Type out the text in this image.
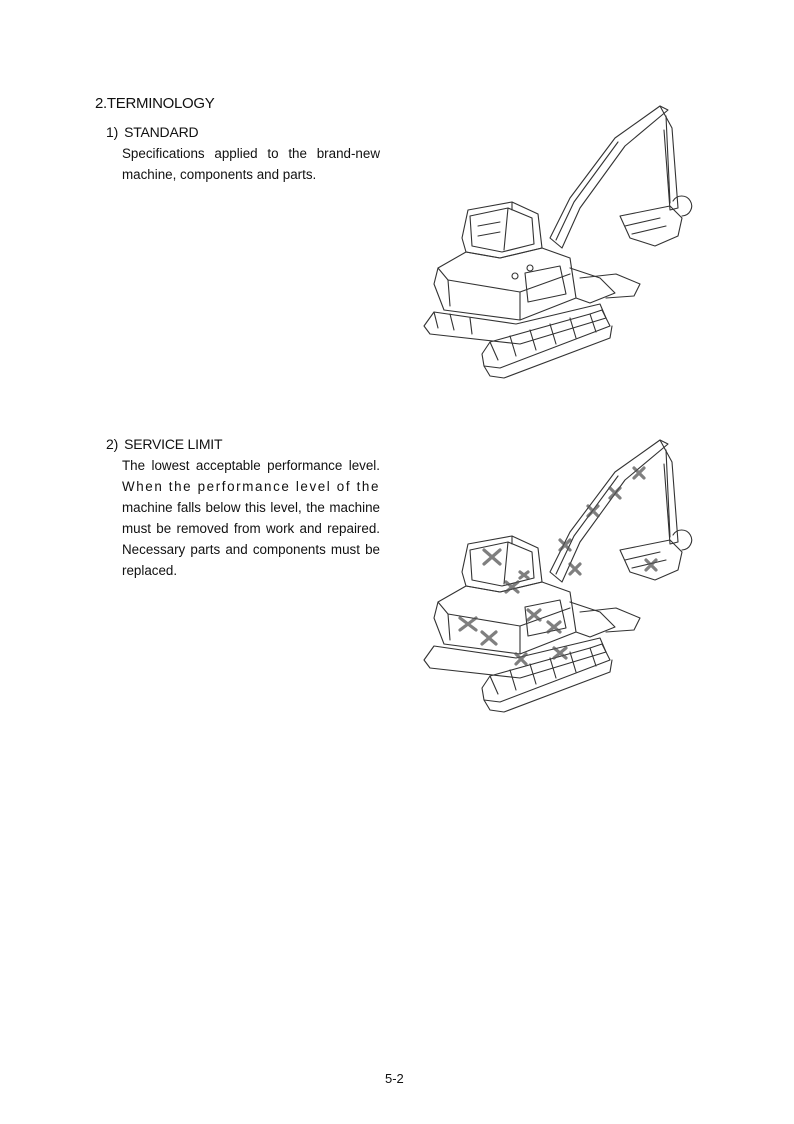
2.TERMINOLOGY
1) STANDARD
Specifications applied to the brand-new
machine, components and parts.
2) SERVICE LIMIT
The lowest acceptable performance level.
When the performance level of the
machine falls below this level, the machine
must be removed from work and repaired.
Necessary parts and components must be
replaced.
5-2
